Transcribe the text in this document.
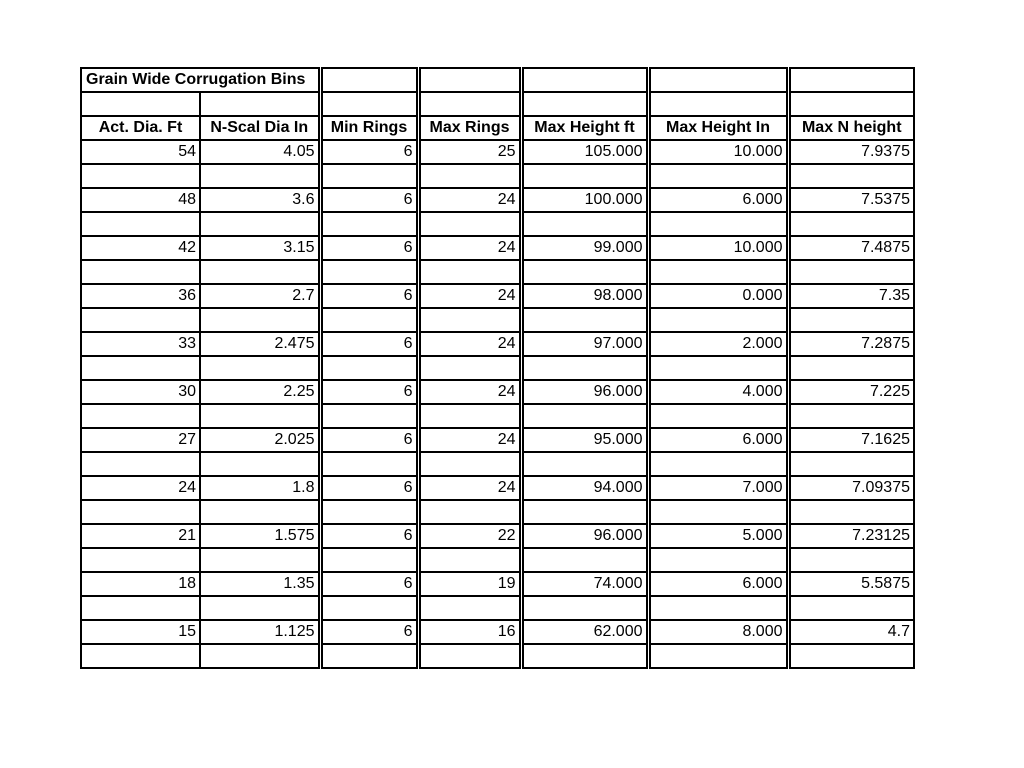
Grain Wide Corrugation Bins						

Act. Dia. Ft	N-Scal Dia In	Min Rings	Max Rings	Max Height ft	Max Height In	Max N height
54	4.05	6	25	105.000	10.000	7.9375

48	3.6	6	24	100.000	6.000	7.5375

42	3.15	6	24	99.000	10.000	7.4875

36	2.7	6	24	98.000	0.000	7.35

33	2.475	6	24	97.000	2.000	7.2875

30	2.25	6	24	96.000	4.000	7.225

27	2.025	6	24	95.000	6.000	7.1625

24	1.8	6	24	94.000	7.000	7.09375

21	1.575	6	22	96.000	5.000	7.23125

18	1.35	6	19	74.000	6.000	5.5875

15	1.125	6	16	62.000	8.000	4.7
